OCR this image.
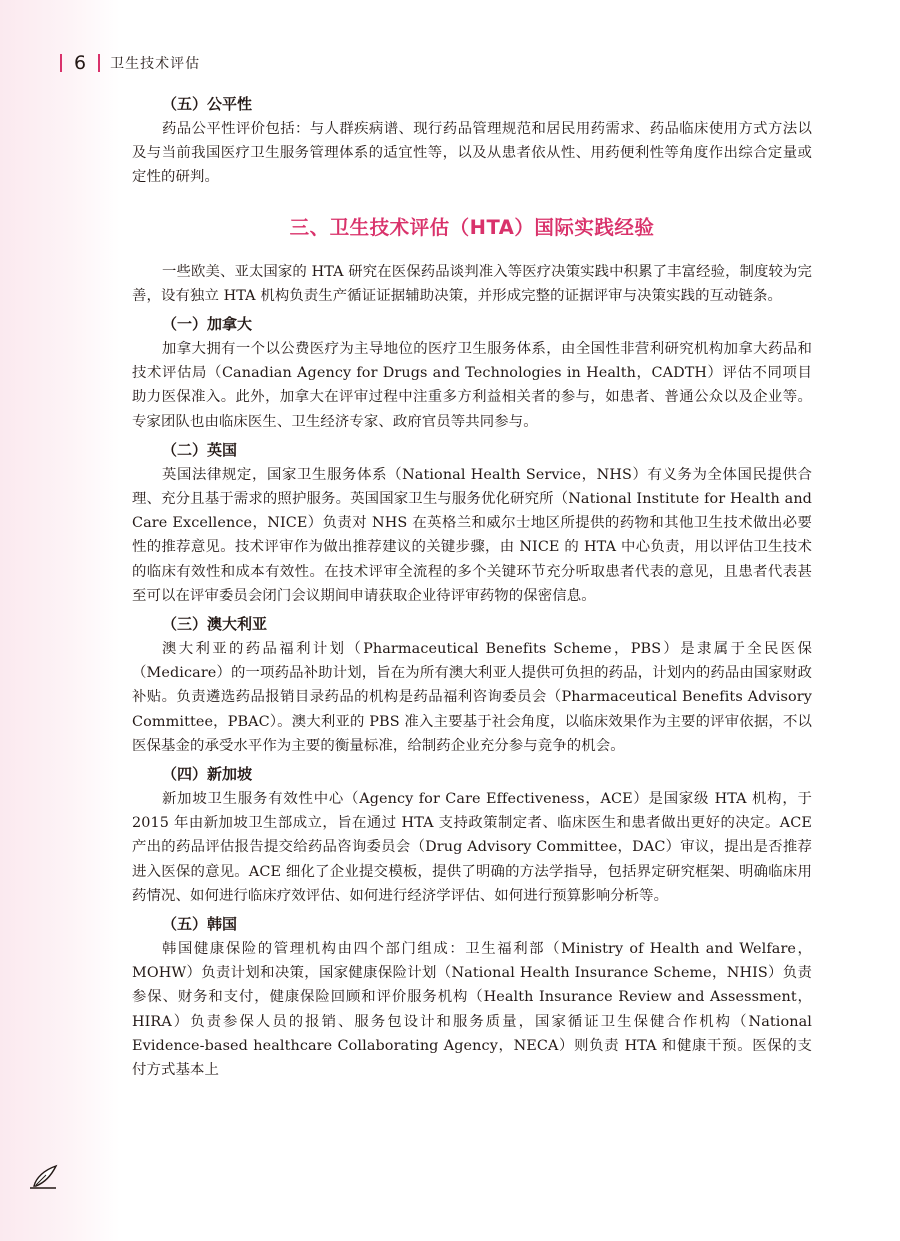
6 卫生技术评估
（五）公平性

药品公平性评价包括：与人群疾病谱、现行药品管理规范和居民用药需求、药品临床使用方式方法以及与当前我国医疗卫生服务管理体系的适宜性等，以及从患者依从性、用药便利性等角度作出综合定量或定性的研判。

三、卫生技术评估（HTA）国际实践经验

一些欧美、亚太国家的 HTA 研究在医保药品谈判准入等医疗决策实践中积累了丰富经验，制度较为完善，设有独立 HTA 机构负责生产循证证据辅助决策，并形成完整的证据评审与决策实践的互动链条。

（一）加拿大

加拿大拥有一个以公费医疗为主导地位的医疗卫生服务体系，由全国性非营利研究机构加拿大药品和技术评估局（Canadian Agency for Drugs and Technologies in Health，CADTH）评估不同项目助力医保准入。此外，加拿大在评审过程中注重多方利益相关者的参与，如患者、普通公众以及企业等。专家团队也由临床医生、卫生经济专家、政府官员等共同参与。

（二）英国

英国法律规定，国家卫生服务体系（National Health Service，NHS）有义务为全体国民提供合理、充分且基于需求的照护服务。英国国家卫生与服务优化研究所（National Institute for Health and Care Excellence，NICE）负责对 NHS 在英格兰和威尔士地区所提供的药物和其他卫生技术做出必要性的推荐意见。技术评审作为做出推荐建议的关键步骤，由 NICE 的 HTA 中心负责，用以评估卫生技术的临床有效性和成本有效性。在技术评审全流程的多个关键环节充分听取患者代表的意见，且患者代表甚至可以在评审委员会闭门会议期间申请获取企业待评审药物的保密信息。

（三）澳大利亚

澳大利亚的药品福利计划（Pharmaceutical Benefits Scheme，PBS）是隶属于全民医保（Medicare）的一项药品补助计划，旨在为所有澳大利亚人提供可负担的药品，计划内的药品由国家财政补贴。负责遴选药品报销目录药品的机构是药品福利咨询委员会（Pharmaceutical Benefits Advisory Committee，PBAC）。澳大利亚的 PBS 准入主要基于社会角度，以临床效果作为主要的评审依据，不以医保基金的承受水平作为主要的衡量标准，给制药企业充分参与竞争的机会。

（四）新加坡

新加坡卫生服务有效性中心（Agency for Care Effectiveness，ACE）是国家级 HTA 机构，于 2015 年由新加坡卫生部成立，旨在通过 HTA 支持政策制定者、临床医生和患者做出更好的决定。ACE 产出的药品评估报告提交给药品咨询委员会（Drug Advisory Committee，DAC）审议，提出是否推荐进入医保的意见。ACE 细化了企业提交模板，提供了明确的方法学指导，包括界定研究框架、明确临床用药情况、如何进行临床疗效评估、如何进行经济学评估、如何进行预算影响分析等。

（五）韩国

韩国健康保险的管理机构由四个部门组成：卫生福利部（Ministry of Health and Welfare，MOHW）负责计划和决策，国家健康保险计划（National Health Insurance Scheme，NHIS）负责参保、财务和支付，健康保险回顾和评价服务机构（Health Insurance Review and Assessment，HIRA）负责参保人员的报销、服务包设计和服务质量，国家循证卫生保健合作机构（National Evidence-based healthcare Collaborating Agency，NECA）则负责 HTA 和健康干预。医保的支付方式基本上
